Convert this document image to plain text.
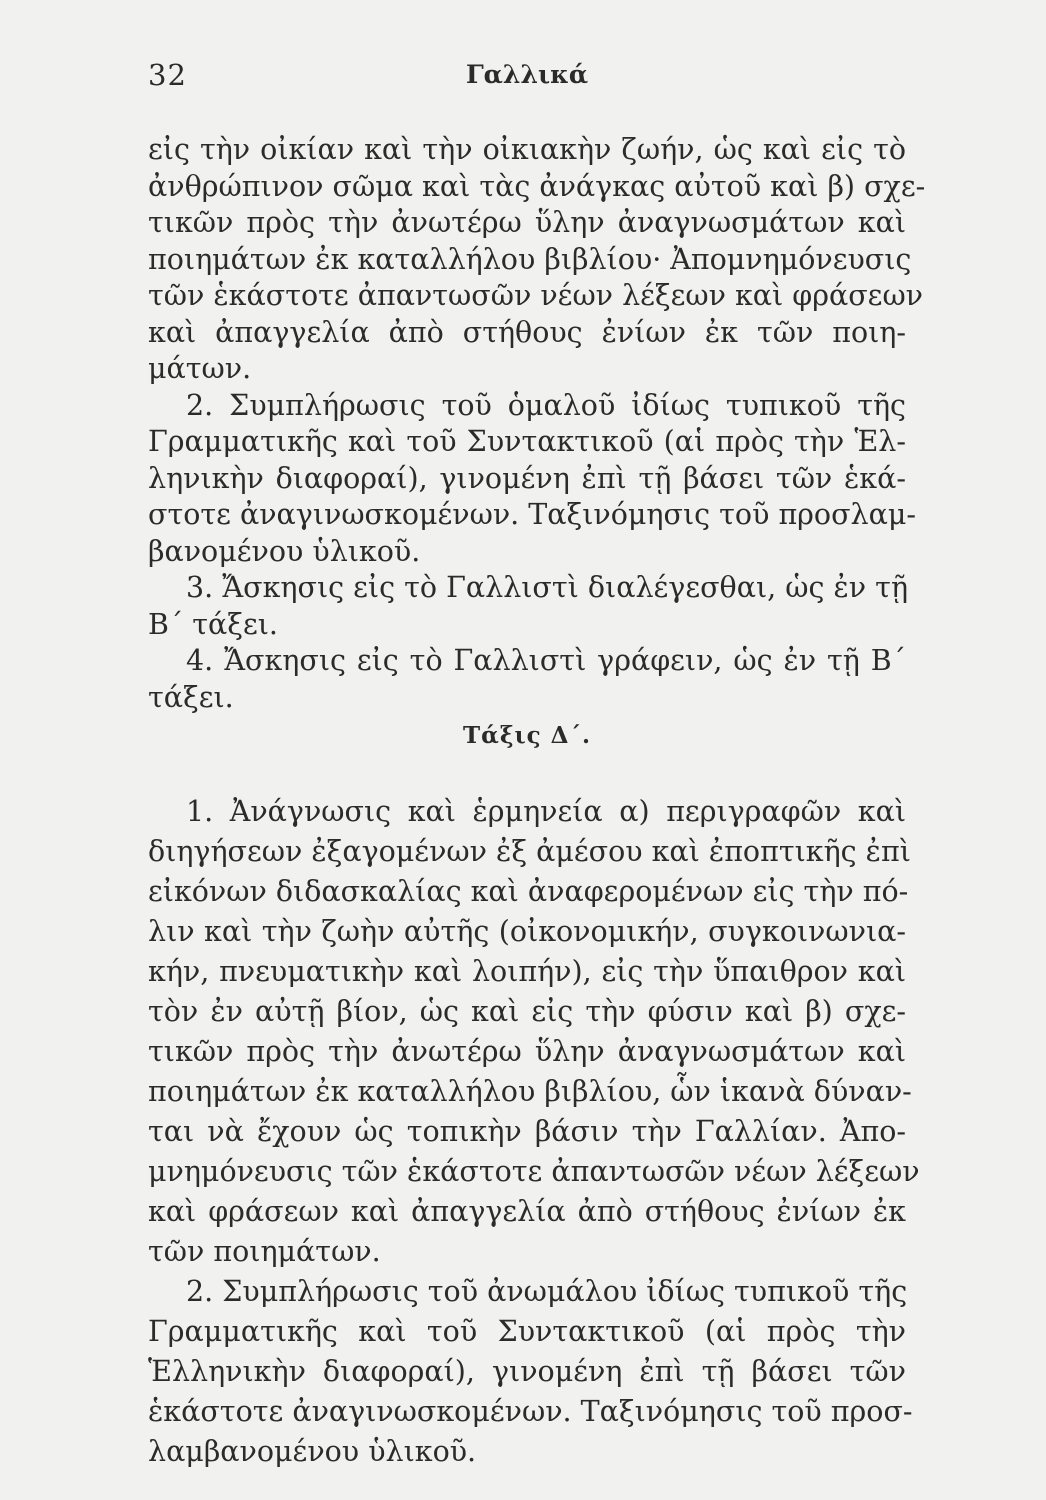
32	Γαλλικά
εἰς τὴν οἰκίαν καὶ τὴν οἰκιακὴν ζωήν, ὡς καὶ εἰς τὸ
ἀνθρώπινον σῶμα καὶ τὰς ἀνάγκας αὐτοῦ καὶ β) σχε-
τικῶν πρὸς τὴν ἀνωτέρω ὕλην ἀναγνωσμάτων καὶ
ποιημάτων ἐκ καταλλήλου βιβλίου· Ἀπομνημόνευσις
τῶν ἑκάστοτε ἀπαντωσῶν νέων λέξεων καὶ φράσεων
καὶ ἀπαγγελία ἀπὸ στήθους ἐνίων ἐκ τῶν ποιη-
μάτων.
2. Συμπλήρωσις τοῦ ὁμαλοῦ ἰδίως τυπικοῦ τῆς
Γραμματικῆς καὶ τοῦ Συντακτικοῦ (αἱ πρὸς τὴν Ἑλ-
ληνικὴν διαφοραί), γινομένη ἐπὶ τῇ βάσει τῶν ἑκά-
στοτε ἀναγινωσκομένων. Ταξινόμησις τοῦ προσλαμ-
βανομένου ὑλικοῦ.
3. Ἄσκησις εἰς τὸ Γαλλιστὶ διαλέγεσθαι, ὡς ἐν τῇ
Β΄ τάξει.
4. Ἄσκησις εἰς τὸ Γαλλιστὶ γράφειν, ὡς ἐν τῇ Β΄
τάξει.
Τάξις Δ΄.
1. Ἀνάγνωσις καὶ ἑρμηνεία α) περιγραφῶν καὶ
διηγήσεων ἐξαγομένων ἐξ ἀμέσου καὶ ἐποπτικῆς ἐπὶ
εἰκόνων διδασκαλίας καὶ ἀναφερομένων εἰς τὴν πό-
λιν καὶ τὴν ζωὴν αὐτῆς (οἰκονομικήν, συγκοινωνια-
κήν, πνευματικὴν καὶ λοιπήν), εἰς τὴν ὕπαιθρον καὶ
τὸν ἐν αὐτῇ βίον, ὡς καὶ εἰς τὴν φύσιν καὶ β) σχε-
τικῶν πρὸς τὴν ἀνωτέρω ὕλην ἀναγνωσμάτων καὶ
ποιημάτων ἐκ καταλλήλου βιβλίου, ὧν ἱκανὰ δύναν-
ται νὰ ἔχουν ὡς τοπικὴν βάσιν τὴν Γαλλίαν. Ἀπο-
μνημόνευσις τῶν ἑκάστοτε ἀπαντωσῶν νέων λέξεων
καὶ φράσεων καὶ ἀπαγγελία ἀπὸ στήθους ἐνίων ἐκ
τῶν ποιημάτων.
2. Συμπλήρωσις τοῦ ἀνωμάλου ἰδίως τυπικοῦ τῆς
Γραμματικῆς καὶ τοῦ Συντακτικοῦ (αἱ πρὸς τὴν
Ἑλληνικὴν διαφοραί), γινομένη ἐπὶ τῇ βάσει τῶν
ἑκάστοτε ἀναγινωσκομένων. Ταξινόμησις τοῦ προσ-
λαμβανομένου ὑλικοῦ.
